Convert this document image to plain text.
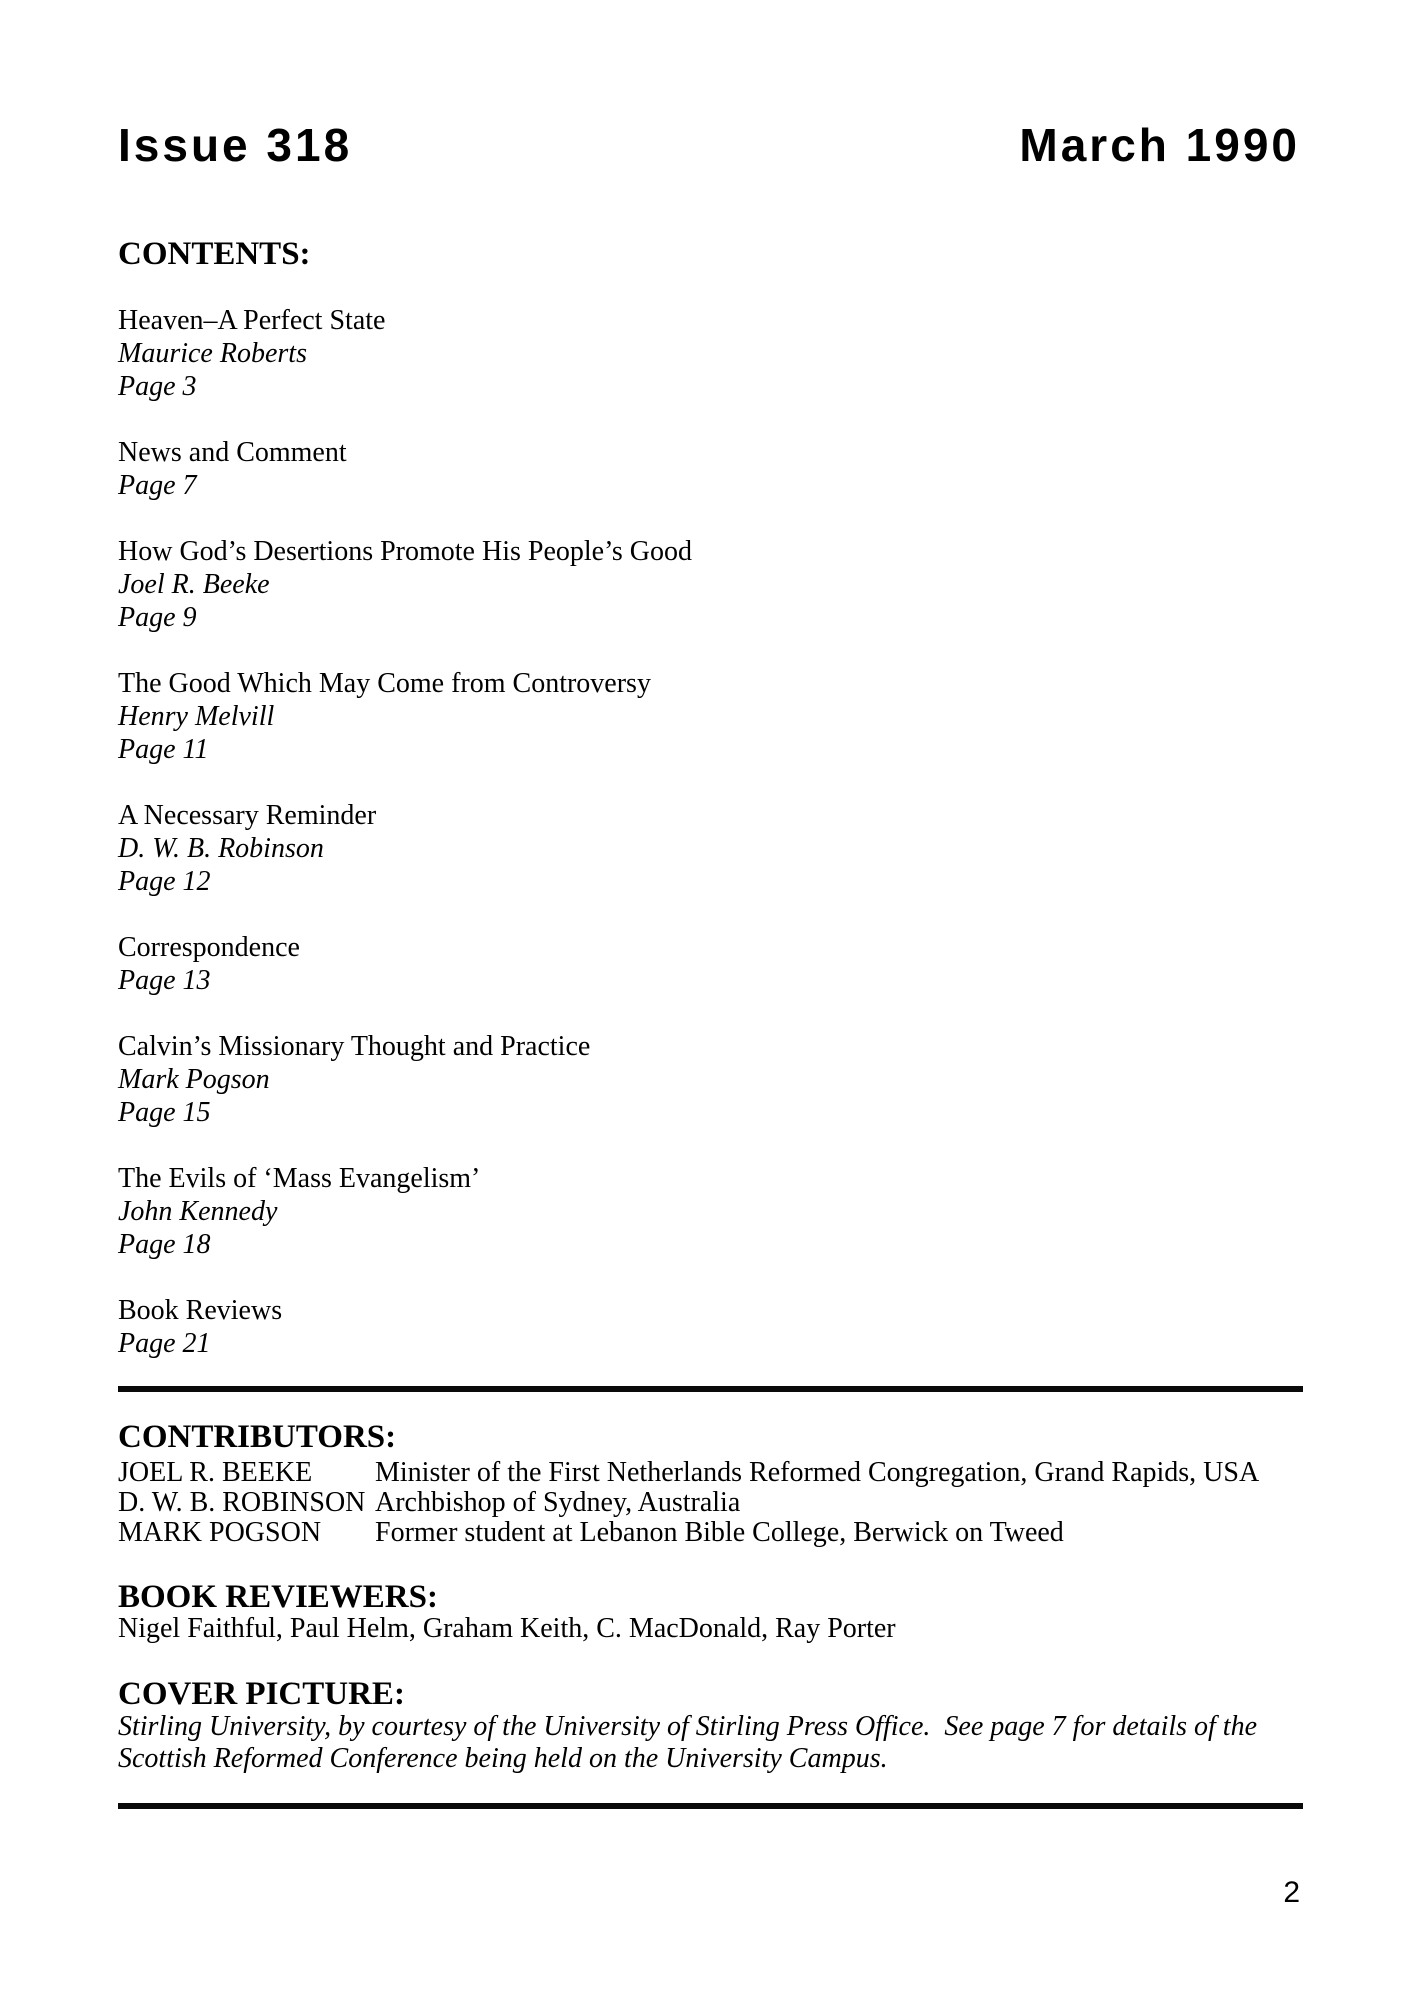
Issue 318	March 1990
CONTENTS:
Heaven–A Perfect State
Maurice Roberts
Page 3
News and Comment
Page 7
How God’s Desertions Promote His People’s Good
Joel R. Beeke
Page 9
The Good Which May Come from Controversy
Henry Melvill
Page 11
A Necessary Reminder
D. W. B. Robinson
Page 12
Correspondence
Page 13
Calvin’s Missionary Thought and Practice
Mark Pogson
Page 15
The Evils of ‘Mass Evangelism’
John Kennedy
Page 18
Book Reviews
Page 21
CONTRIBUTORS:
JOEL R. BEEKE	Minister of the First Netherlands Reformed Congregation, Grand Rapids, USA
D. W. B. ROBINSON Archbishop of Sydney, Australia
MARK POGSON	Former student at Lebanon Bible College, Berwick on Tweed
BOOK REVIEWERS:
Nigel Faithful, Paul Helm, Graham Keith, C. MacDonald, Ray Porter
COVER PICTURE:
Stirling University, by courtesy of the University of Stirling Press Office.  See page 7 for details of the Scottish Reformed Conference being held on the University Campus.
2
